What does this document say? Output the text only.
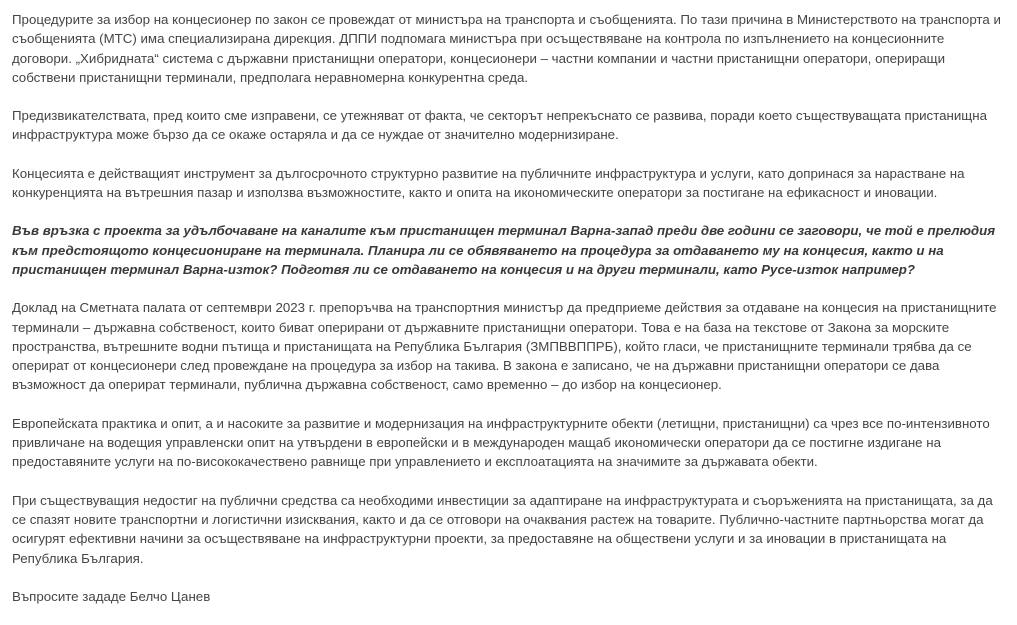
Процедурите за избор на концесионер по закон се провеждат от министъра на транспорта и съобщенията. По тази причина в Министерството на транспорта и съобщенията (МТС) има специализирана дирекция. ДППИ подпомага министъра при осъществяване на контрола по изпълнението на концесионните договори. „Хибридната“ система с държавни пристанищни оператори, концесионери – частни компании и частни пристанищни оператори, опериращи собствени пристанищни терминали, предполага неравномерна конкурентна среда.

Предизвикателствата, пред които сме изправени, се утежняват от факта, че секторът непрекъснато се развива, поради което съществуващата пристанищна инфраструктура може бързо да се окаже остаряла и да се нуждае от значително модернизиране.

Концесията е действащият инструмент за дългосрочното структурно развитие на публичните инфраструктура и услуги, като допринася за нарастване на конкуренцията на вътрешния пазар и използва възможностите, както и опита на икономическите оператори за постигане на ефикасност и иновации.

Във връзка с проекта за удълбочаване на каналите към пристанищен терминал Варна-запад преди две години се заговори, че той е прелюдия към предстоящото концесиониране на терминала. Планира ли се обявяването на процедура за отдаването му на концесия, както и на пристанищен терминал Варна-изток? Подготвя ли се отдаването на концесия и на други терминали, като Русе-изток например?

Доклад на Сметната палата от септември 2023 г. препоръчва на транспортния министър да предприеме действия за отдаване на концесия на пристанищните терминали – държавна собственост, които биват оперирани от държавните пристанищни оператори. Това е на база на текстове от Закона за морските пространства, вътрешните водни пътища и пристанищата на Република България (ЗМПВВППРБ), който гласи, че пристанищните терминали трябва да се оперират от концесионери след провеждане на процедура за избор на такива. В закона е записано, че на държавни пристанищни оператори се дава възможност да оперират терминали, публична държавна собственост, само временно – до избор на концесионер.

Европейската практика и опит, а и насоките за развитие и модернизация на инфраструктурните обекти (летищни, пристанищни) са чрез все по-интензивното привличане на водещия управленски опит на утвърдени в европейски и в международен мащаб икономически оператори да се постигне издигане на предоставяните услуги на по-висококачествено равнище при управлението и експлоатацията на значимите за държавата обекти.

При съществуващия недостиг на публични средства са необходими инвестиции за адаптиране на инфраструктурата и съоръженията на пристанищата, за да се спазят новите транспортни и логистични изисквания, както и да се отговори на очаквания растеж на товарите. Публично-частните партньорства могат да осигурят ефективни начини за осъществяване на инфраструктурни проекти, за предоставяне на обществени услуги и за иновации в пристанищата на Република България.

Въпросите зададе Белчо Цанев
